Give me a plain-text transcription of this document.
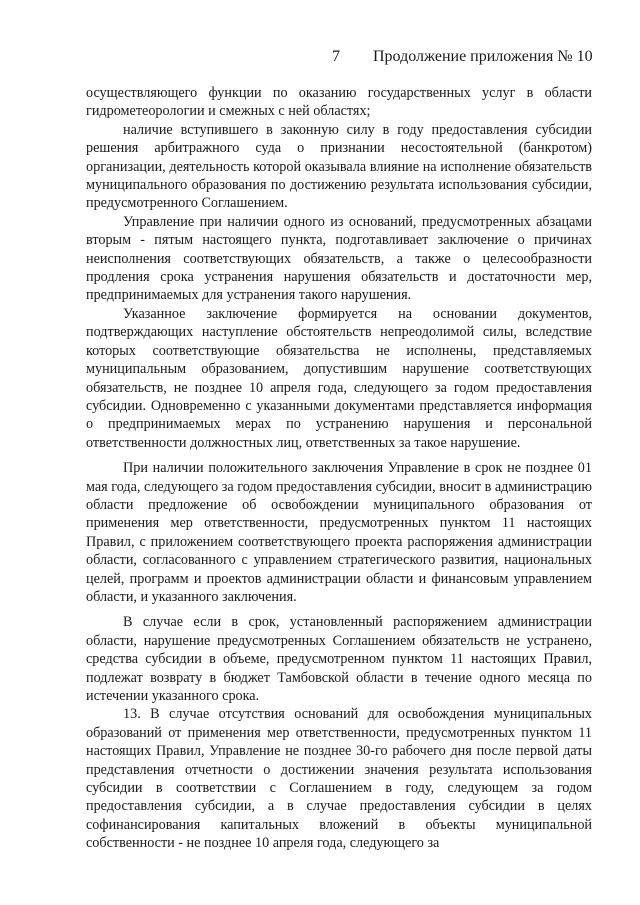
7 Продолжение приложения № 10

осуществляющего функции по оказанию государственных услуг в области гидрометеорологии и смежных с ней областях;

наличие вступившего в законную силу в году предоставления субсидии решения арбитражного суда о признании несостоятельной (банкротом) организации, деятельность которой оказывала влияние на исполнение обязательств муниципального образования по достижению результата использования субсидии, предусмотренного Соглашением.

Управление при наличии одного из оснований, предусмотренных абзацами вторым - пятым настоящего пункта, подготавливает заключение о причинах неисполнения соответствующих обязательств, а также о целесообразности продления срока устранения нарушения обязательств и достаточности мер, предпринимаемых для устранения такого нарушения.

Указанное заключение формируется на основании документов, подтверждающих наступление обстоятельств непреодолимой силы, вследствие которых соответствующие обязательства не исполнены, представляемых муниципальным образованием, допустившим нарушение соответствующих обязательств, не позднее 10 апреля года, следующего за годом предоставления субсидии. Одновременно с указанными документами представляется информация о предпринимаемых мерах по устранению нарушения и персональной ответственности должностных лиц, ответственных за такое нарушение.

При наличии положительного заключения Управление в срок не позднее 01 мая года, следующего за годом предоставления субсидии, вносит в администрацию области предложение об освобождении муниципального образования от применения мер ответственности, предусмотренных пунктом 11 настоящих Правил, с приложением соответствующего проекта распоряжения администрации области, согласованного с управлением стратегического развития, национальных целей, программ и проектов администрации области и финансовым управлением области, и указанного заключения.

В случае если в срок, установленный распоряжением администрации области, нарушение предусмотренных Соглашением обязательств не устранено, средства субсидии в объеме, предусмотренном пунктом 11 настоящих Правил, подлежат возврату в бюджет Тамбовской области в течение одного месяца по истечении указанного срока.

13. В случае отсутствия оснований для освобождения муниципальных образований от применения мер ответственности, предусмотренных пунктом 11 настоящих Правил, Управление не позднее 30-го рабочего дня после первой даты представления отчетности о достижении значения результата использования субсидии в соответствии с Соглашением в году, следующем за годом предоставления субсидии, а в случае предоставления субсидии в целях софинансирования капитальных вложений в объекты муниципальной собственности - не позднее 10 апреля года, следующего за
